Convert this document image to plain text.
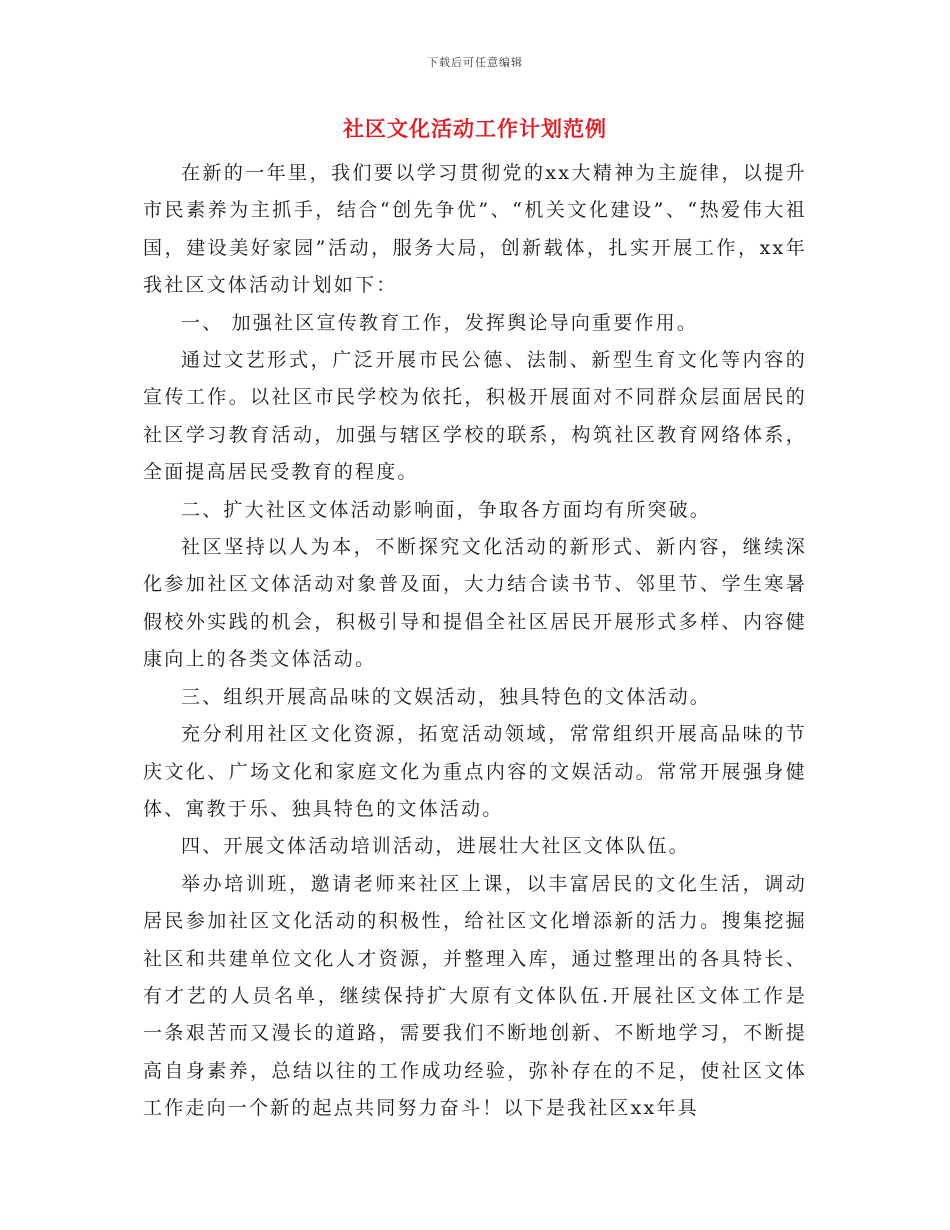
下载后可任意编辑
社区文化活动工作计划范例

在新的一年里，我们要以学习贯彻党的xx大精神为主旋律，以提升市民素养为主抓手，结合“创先争优”、“机关文化建设”、“热爱伟大祖国，建设美好家园”活动，服务大局，创新载体，扎实开展工作，xx年我社区文体活动计划如下：

一、 加强社区宣传教育工作，发挥舆论导向重要作用。

通过文艺形式，广泛开展市民公德、法制、新型生育文化等内容的宣传工作。以社区市民学校为依托，积极开展面对不同群众层面居民的社区学习教育活动，加强与辖区学校的联系，构筑社区教育网络体系，全面提高居民受教育的程度。

二、扩大社区文体活动影响面，争取各方面均有所突破。

社区坚持以人为本，不断探究文化活动的新形式、新内容，继续深化参加社区文体活动对象普及面，大力结合读书节、邻里节、学生寒暑假校外实践的机会，积极引导和提倡全社区居民开展形式多样、内容健康向上的各类文体活动。

三、组织开展高品味的文娱活动，独具特色的文体活动。

充分利用社区文化资源，拓宽活动领域，常常组织开展高品味的节庆文化、广场文化和家庭文化为重点内容的文娱活动。常常开展强身健体、寓教于乐、独具特色的文体活动。

四、开展文体活动培训活动，进展壮大社区文体队伍。

举办培训班，邀请老师来社区上课，以丰富居民的文化生活，调动居民参加社区文化活动的积极性，给社区文化增添新的活力。搜集挖掘社区和共建单位文化人才资源，并整理入库，通过整理出的各具特长、有才艺的人员名单，继续保持扩大原有文体队伍.开展社区文体工作是一条艰苦而又漫长的道路，需要我们不断地创新、不断地学习，不断提高自身素养，总结以往的工作成功经验，弥补存在的不足，使社区文体工作走向一个新的起点共同努力奋斗！以下是我社区xx年具
